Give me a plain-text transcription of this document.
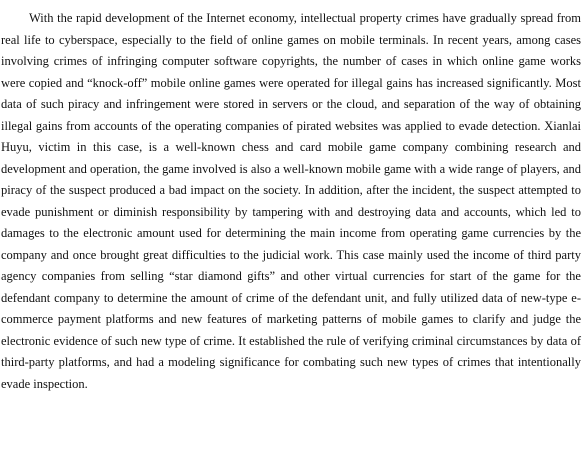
With the rapid development of the Internet economy, intellectual property crimes have gradually spread from real life to cyberspace, especially to the field of online games on mobile terminals. In recent years, among cases involving crimes of infringing computer software copyrights, the number of cases in which online game works were copied and “knock-off” mobile online games were operated for illegal gains has increased significantly. Most data of such piracy and infringement were stored in servers or the cloud, and separation of the way of obtaining illegal gains from accounts of the operating companies of pirated websites was applied to evade detection. Xianlai Huyu, victim in this case, is a well-known chess and card mobile game company combining research and development and operation, the game involved is also a well-known mobile game with a wide range of players, and piracy of the suspect produced a bad impact on the society. In addition, after the incident, the suspect attempted to evade punishment or diminish responsibility by tampering with and destroying data and accounts, which led to damages to the electronic amount used for determining the main income from operating game currencies by the company and once brought great difficulties to the judicial work. This case mainly used the income of third party agency companies from selling “star diamond gifts” and other virtual currencies for start of the game for the defendant company to determine the amount of crime of the defendant unit, and fully utilized data of new-type e-commerce payment platforms and new features of marketing patterns of mobile games to clarify and judge the electronic evidence of such new type of crime. It established the rule of verifying criminal circumstances by data of third-party platforms, and had a modeling significance for combating such new types of crimes that intentionally evade inspection.
